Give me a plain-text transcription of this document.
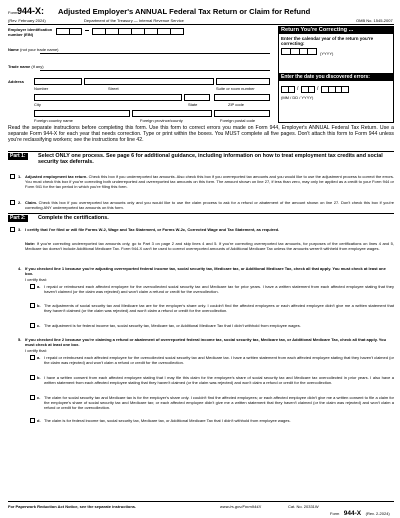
Form 944-X: Adjusted Employer's ANNUAL Federal Tax Return or Claim for Refund
(Rev. February 2024)	Department of the Treasury — Internal Revenue Service	OMB No. 1545-2007
Employer identification number (EIN)
Name (not your trade name)
Trade name (if any)
Address
Number	Street	Suite or room number
City	State	ZIP code
Foreign country name	Foreign province/county	Foreign postal code
Return You're Correcting ...
Enter the calendar year of the return you're correcting:
(YYYY)
Enter the date you discovered errors:
/	/
(MM / DD / YYYY)
Read the separate instructions before completing this form. Use this form to correct errors you made on Form 944, Employer's ANNUAL Federal Tax Return. Use a separate Form 944-X for each year that needs correction. Type or print within the boxes. You MUST complete all five pages. Don't attach this form to Form 944 unless you're reclassifying workers; see the instructions for line 42.
Part 1:	Select ONLY one process. See page 6 for additional guidance, including information on how to treat employment tax credits and social security tax deferrals.
1. Adjusted employment tax return. Check this box if you underreported tax amounts. Also check this box if you overreported tax amounts and you would like to use the adjustment process to correct the errors. You must check this box if you're correcting both underreported and overreported tax amounts on this form. The amount shown on line 27, if less than zero, may only be applied as a credit to your Form 944 or Form 941 for the tax period in which you're filing this form.
2. Claim. Check this box if you overreported tax amounts only and you would like to use the claim process to ask for a refund or abatement of the amount shown on line 27. Don't check this box if you're correcting ANY underreported tax amounts on this form.
Part 2:	Complete the certifications.
3. I certify that I've filed or will file Forms W-2, Wage and Tax Statement, or Forms W-2c, Corrected Wage and Tax Statement, as required.
Note: If you're correcting underreported tax amounts only, go to Part 3 on page 2 and skip lines 4 and 5. If you're correcting overreported tax amounts, for purposes of the certifications on lines 4 and 5, Medicare tax doesn't include Additional Medicare Tax. Form 944-X can't be used to correct overreported amounts of Additional Medicare Tax unless the amounts weren't withheld from employee wages.
4. If you checked line 1 because you're adjusting overreported federal income tax, social security tax, Medicare tax, or Additional Medicare Tax, check all that apply. You must check at least one box.
I certify that:
a. I repaid or reimbursed each affected employee for the overcollected social security tax and Medicare tax for prior years. I have a written statement from each affected employee stating that they haven't claimed (or the claim was rejected) and won't claim a refund or credit for the overcollection.
b. The adjustments of social security tax and Medicare tax are for the employer's share only. I couldn't find the affected employees or each affected employee didn't give me a written statement that they haven't claimed (or the claim was rejected) and won't claim a refund or credit for the overcollection.
c. The adjustment is for federal income tax, social security tax, Medicare tax, or Additional Medicare Tax that I didn't withhold from employee wages.
5. If you checked line 2 because you're claiming a refund or abatement of overreported federal income tax, social security tax, Medicare tax, or Additional Medicare Tax, check all that apply. You must check at least one box.
I certify that:
a. I repaid or reimbursed each affected employee for the overcollected social security tax and Medicare tax. I have a written statement from each affected employee stating that they haven't claimed (or the claim was rejected) and won't claim a refund or credit for the overcollection.
b. I have a written consent from each affected employee stating that I may file this claim for the employee's share of social security tax and Medicare tax overcollected in prior years. I also have a written statement from each affected employee stating that they haven't claimed (or the claim was rejected) and won't claim a refund or credit for the overcollection.
c. The claim for social security tax and Medicare tax is for the employer's share only. I couldn't find the affected employees; or each affected employee didn't give me a written consent to file a claim for the employee's share of social security tax and Medicare tax; or each affected employee didn't give me a written statement that they haven't claimed (or the claim was rejected) and won't claim a refund or credit for the overcollection.
d. The claim is for federal income tax, social security tax, Medicare tax, or Additional Medicare Tax that I didn't withhold from employee wages.
For Paperwork Reduction Act Notice, see the separate instructions.	www.irs.gov/Form944X	Cat. No. 20331W
Form 944-X (Rev. 2-2024)
